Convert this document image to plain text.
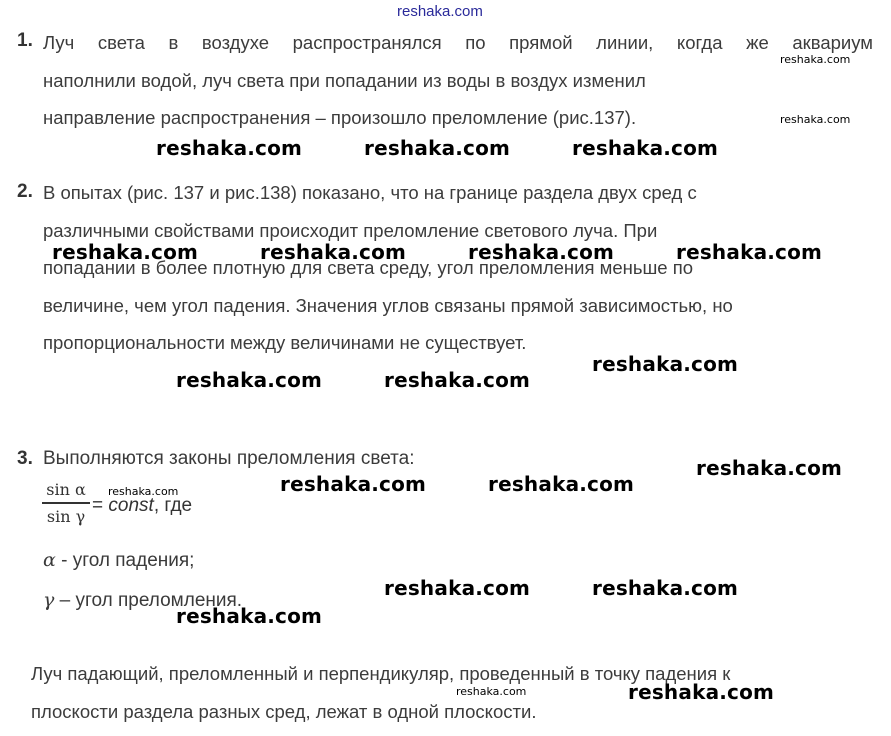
reshaka.com
1. Луч света в воздухе распространялся по прямой линии, когда же аквариум
наполнили водой, луч света при попадании из воды в воздух изменил
направление распространения – произошло преломление (рис.137).
2. В опытах (рис. 137 и рис.138) показано, что на границе раздела двух сред с
различными свойствами происходит преломление светового луча. При
попадании в более плотную для света среду, угол преломления меньше по
величине, чем угол падения. Значения углов связаны прямой зависимостью, но
пропорциональности между величинами не существует.
3. Выполняются законы преломления света:
sin α
sin γ = const, где
α - угол падения;
γ – угол преломления.
Луч падающий, преломленный и перпендикуляр, проведенный в точку падения к
плоскости раздела разных сред, лежат в одной плоскости.
reshaka.com	reshaka.com	reshaka.com
reshaka.com	reshaka.com	reshaka.com	reshaka.com
reshaka.com
reshaka.com	reshaka.com
reshaka.com
reshaka.com	reshaka.com
reshaka.com	reshaka.com
reshaka.com
reshaka.com
reshaka.com
reshaka.com
reshaka.com
reshaka.com
